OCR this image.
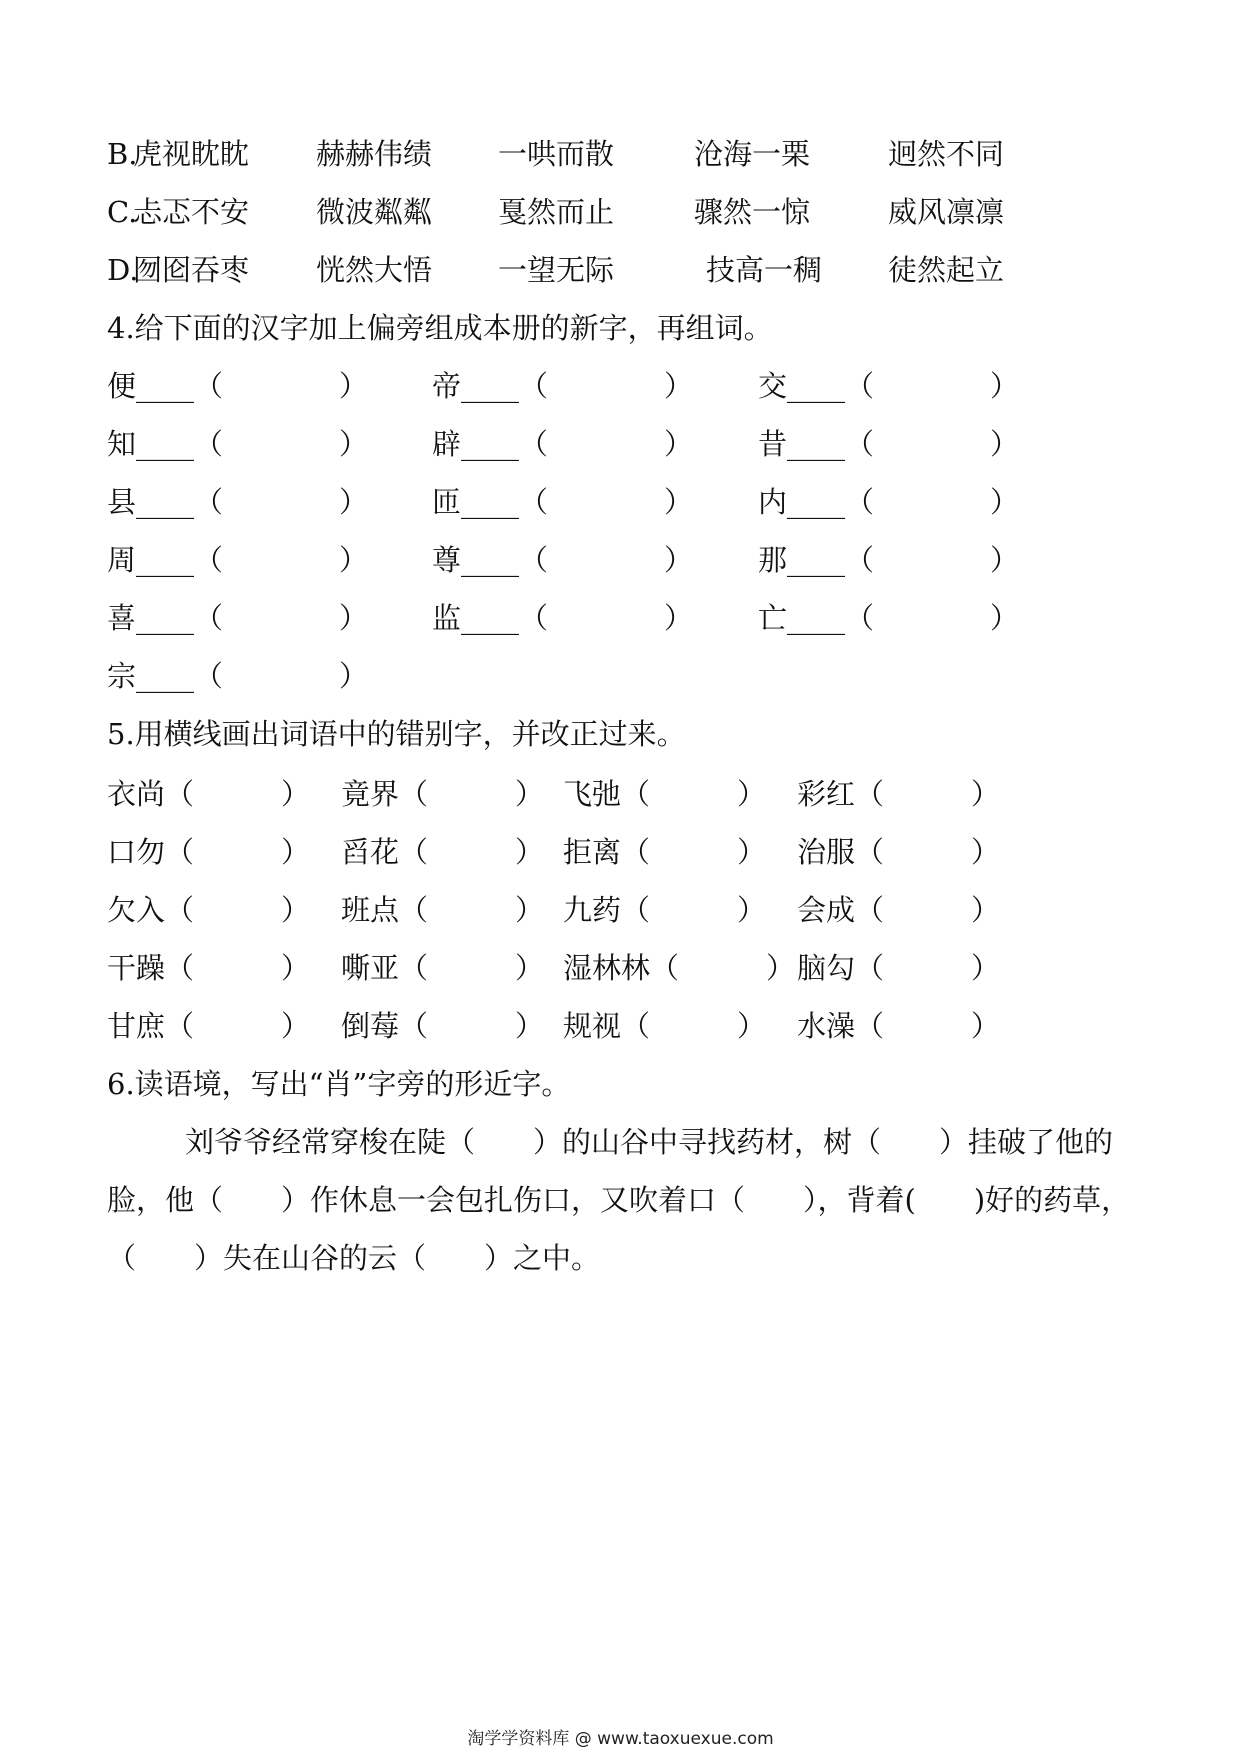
B.
虎视眈眈 赫赫伟绩 一哄而散	沧海一栗	迥然不同
C.
忐忑不安 微波粼粼 戛然而止	骤然一惊	威风凛凛
D.
囫囵吞枣 恍然大悟 一望无际	技高一稠 徒然起立
4.给下面的汉字加上偏旁组成本册的新字，再组词。
便____（　　　　） 帝____（　　　　） 交____（　　　　）
知____（　　　　） 辟____（　　　　） 昔____（　　　　）
县____（　　　　） 匝____（　　　　） 内____（　　　　）
周____（　　　　） 尊____（　　　　） 那____（　　　　）
喜____（　　　　） 监____（　　　　） 亡____（　　　　）
宗____（　　　　）
5.用横线画出词语中的错别字，并改正过来。
衣尚（　　　） 竟界（　　　） 飞弛（　　　） 彩红（　　　）
口勿（　　　） 舀花（　　　） 拒离（　　　） 治服（　　　）
欠入（　　　） 班点（　　　） 九药（　　　） 会成（　　　）
干躁（　　　） 嘶亚（　　　） 湿林林（　　　） 脑勾（　　　）
甘庶（　　　） 倒莓（　　　） 规视（　　　） 水澡（　　　）
6.读语境，写出“肖”字旁的形近字。
刘爷爷经常穿梭在陡（　　）的山谷中寻找药材，树（　　）挂破了他的
脸，他（　　）作休息一会包扎伤口，又吹着口（　　），背着(　　)好的药草，
（　　）失在山谷的云（　　）之中。
淘学学资料库 @ www.taoxuexue.com
